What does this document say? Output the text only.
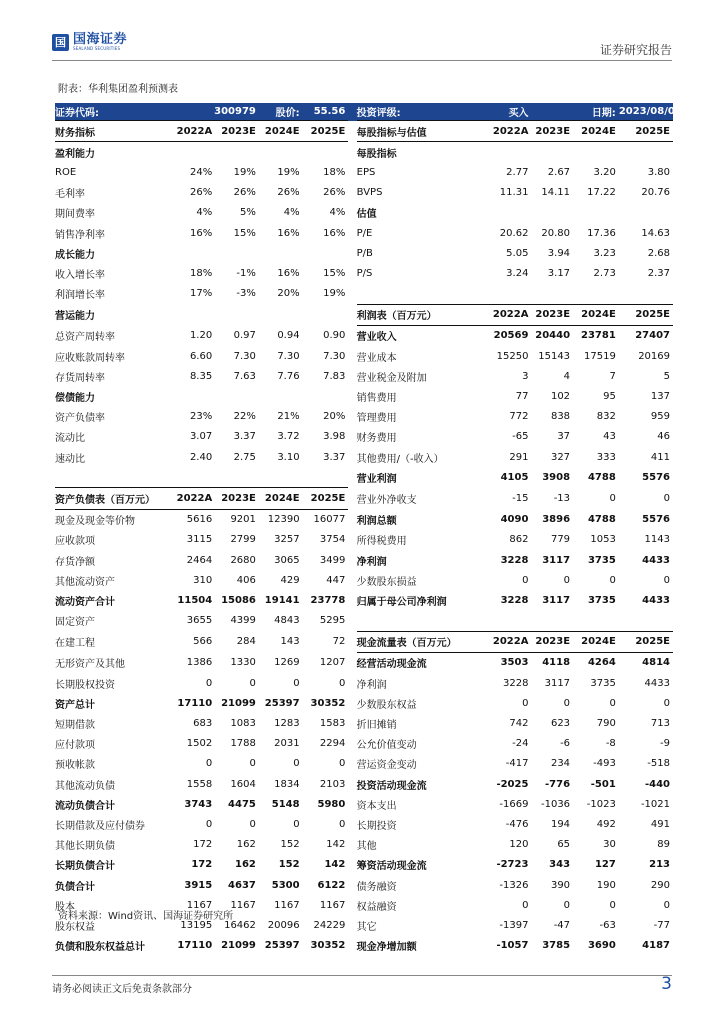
国 国海证券
SEALAND SECURITIES	证券研究报告
附表：华利集团盈利预测表
证券代码:	300979		股价:	55.56		投资评级:	买入		日期:	2023/08/02
财务指标	2022A	2023E	2024E	2025E		每股指标与估值	2022A	2023E	2024E	2025E
盈利能力						每股指标				
ROE	24%	19%	19%	18%		EPS	2.77	2.67	3.20	3.80
毛利率	26%	26%	26%	26%		BVPS	11.31	14.11	17.22	20.76
期间费率	4%	5%	4%	4%		估值				
销售净利率	16%	15%	16%	16%		P/E	20.62	20.80	17.36	14.63
成长能力						P/B	5.05	3.94	3.23	2.68
收入增长率	18%	-1%	16%	15%		P/S	3.24	3.17	2.73	2.37
利润增长率	17%	-3%	20%	19%						
营运能力						利润表（百万元）	2022A	2023E	2024E	2025E
总资产周转率	1.20	0.97	0.94	0.90		营业收入	20569	20440	23781	27407
应收账款周转率	6.60	7.30	7.30	7.30		营业成本	15250	15143	17519	20169
存货周转率	8.35	7.63	7.76	7.83		营业税金及附加	3	4	7	5
偿债能力						销售费用	77	102	95	137
资产负债率	23%	22%	21%	20%		管理费用	772	838	832	959
流动比	3.07	3.37	3.72	3.98		财务费用	-65	37	43	46
速动比	2.40	2.75	3.10	3.37		其他费用/（-收入）	291	327	333	411
						营业利润	4105	3908	4788	5576
资产负债表（百万元）	2022A	2023E	2024E	2025E		营业外净收支	-15	-13	0	0
现金及现金等价物	5616	9201	12390	16077		利润总额	4090	3896	4788	5576
应收款项	3115	2799	3257	3754		所得税费用	862	779	1053	1143
存货净额	2464	2680	3065	3499		净利润	3228	3117	3735	4433
其他流动资产	310	406	429	447		少数股东损益	0	0	0	0
流动资产合计	11504	15086	19141	23778		归属于母公司净利润	3228	3117	3735	4433
固定资产	3655	4399	4843	5295						
在建工程	566	284	143	72		现金流量表（百万元）	2022A	2023E	2024E	2025E
无形资产及其他	1386	1330	1269	1207		经营活动现金流	3503	4118	4264	4814
长期股权投资	0	0	0	0		净利润	3228	3117	3735	4433
资产总计	17110	21099	25397	30352		少数股东权益	0	0	0	0
短期借款	683	1083	1283	1583		折旧摊销	742	623	790	713
应付款项	1502	1788	2031	2294		公允价值变动	-24	-6	-8	-9
预收帐款	0	0	0	0		营运资金变动	-417	234	-493	-518
其他流动负债	1558	1604	1834	2103		投资活动现金流	-2025	-776	-501	-440
流动负债合计	3743	4475	5148	5980		资本支出	-1669	-1036	-1023	-1021
长期借款及应付债券	0	0	0	0		长期投资	-476	194	492	491
其他长期负债	172	162	152	142		其他	120	65	30	89
长期负债合计	172	162	152	142		筹资活动现金流	-2723	343	127	213
负债合计	3915	4637	5300	6122		债务融资	-1326	390	190	290
股本	1167	1167	1167	1167		权益融资	0	0	0	0
股东权益	13195	16462	20096	24229		其它	-1397	-47	-63	-77
负债和股东权益总计	17110	21099	25397	30352		现金净增加额	-1057	3785	3690	4187
资料来源：Wind资讯、国海证券研究所
请务必阅读正文后免责条款部分	3
